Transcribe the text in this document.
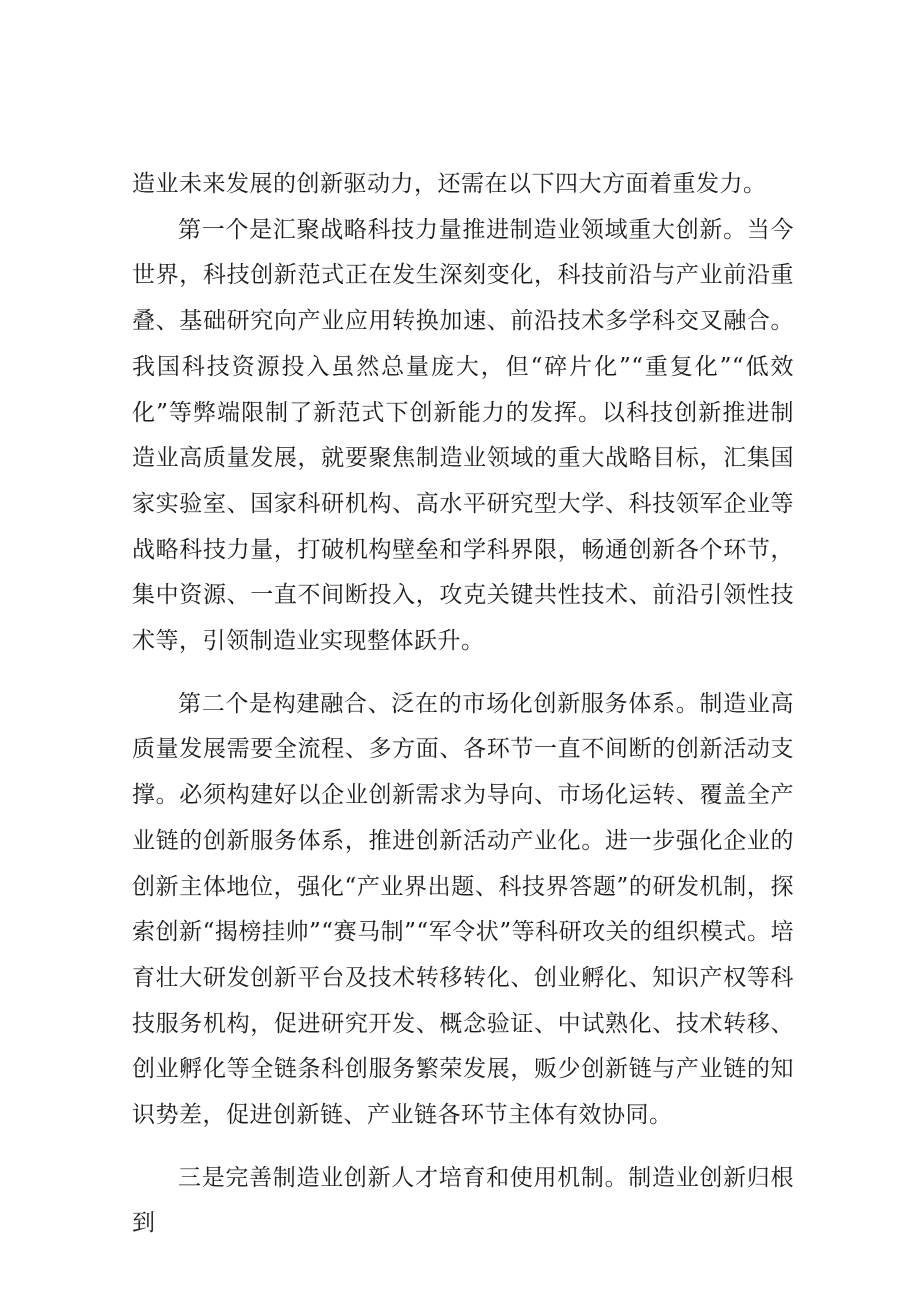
造业未来发展的创新驱动力，还需在以下四大方面着重发力。

第一个是汇聚战略科技力量推进制造业领域重大创新。当今世界，科技创新范式正在发生深刻变化，科技前沿与产业前沿重叠、基础研究向产业应用转换加速、前沿技术多学科交叉融合。我国科技资源投入虽然总量庞大，但“碎片化”“重复化”“低效化”等弊端限制了新范式下创新能力的发挥。以科技创新推进制造业高质量发展，就要聚焦制造业领域的重大战略目标，汇集国家实验室、国家科研机构、高水平研究型大学、科技领军企业等战略科技力量，打破机构壁垒和学科界限，畅通创新各个环节，集中资源、一直不间断投入，攻克关键共性技术、前沿引领性技术等，引领制造业实现整体跃升。

第二个是构建融合、泛在的市场化创新服务体系。制造业高质量发展需要全流程、多方面、各环节一直不间断的创新活动支撑。必须构建好以企业创新需求为导向、市场化运转、覆盖全产业链的创新服务体系，推进创新活动产业化。进一步强化企业的创新主体地位，强化“产业界出题、科技界答题”的研发机制，探索创新“揭榜挂帅”“赛马制”“军令状”等科研攻关的组织模式。培育壮大研发创新平台及技术转移转化、创业孵化、知识产权等科技服务机构，促进研究开发、概念验证、中试熟化、技术转移、创业孵化等全链条科创服务繁荣发展，贩少创新链与产业链的知识势差，促进创新链、产业链各环节主体有效协同。

三是完善制造业创新人才培育和使用机制。制造业创新归根到
